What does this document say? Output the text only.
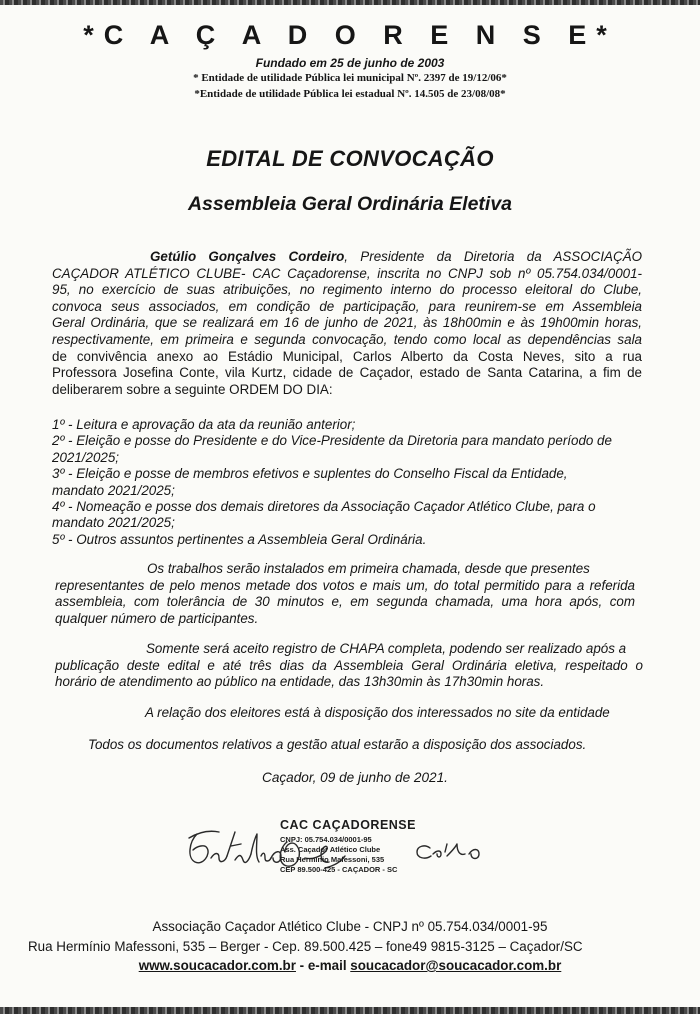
*C A Ç A D O R E N S E*
Fundado em 25 de junho de 2003
* Entidade de utilidade Pública lei municipal Nº. 2397 de 19/12/06*
*Entidade de utilidade Pública lei estadual Nº. 14.505 de 23/08/08*
EDITAL DE CONVOCAÇÃO
Assembleia Geral Ordinária Eletiva
Getúlio Gonçalves Cordeiro, Presidente da Diretoria da ASSOCIAÇÃO
CAÇADOR ATLÉTICO CLUBE- CAC Caçadorense, inscrita no CNPJ sob nº 05.754.034/0001-
95, no exercício de suas atribuições, no regimento interno do processo eleitoral do Clube,
convoca seus associados, em condição de participação, para reunirem-se em Assembleia
Geral Ordinária, que se realizará em 16 de junho de 2021, às 18h00min e às 19h00min horas,
respectivamente, em primeira e segunda convocação, tendo como local as dependências sala
de convivência anexo ao Estádio Municipal, Carlos Alberto da Costa Neves, sito a rua
Professora Josefina Conte, vila Kurtz, cidade de Caçador, estado de Santa Catarina, a fim de
deliberarem sobre a seguinte ORDEM DO DIA:
1º - Leitura e aprovação da ata da reunião anterior;
2º - Eleição e posse do Presidente e do Vice-Presidente da Diretoria para mandato período de
2021/2025;
3º - Eleição e posse de membros efetivos e suplentes do Conselho Fiscal da Entidade,
mandato 2021/2025;
4º - Nomeação e posse dos demais diretores da Associação Caçador Atlético Clube, para o
mandato 2021/2025;
5º - Outros assuntos pertinentes a Assembleia Geral Ordinária.
Os trabalhos serão instalados em primeira chamada, desde que presentes
representantes de pelo menos metade dos votos e mais um, do total permitido para a referida
assembleia, com tolerância de 30 minutos e, em segunda chamada, uma hora após, com
qualquer número de participantes.
Somente será aceito registro de CHAPA completa, podendo ser realizado após a
publicação deste edital e até três dias da Assembleia Geral Ordinária eletiva, respeitado o
horário de atendimento ao público na entidade, das 13h30min às 17h30min horas.
A relação dos eleitores está à disposição dos interessados no site da entidade
Todos os documentos relativos a gestão atual estarão a disposição dos associados.
Caçador, 09 de junho de 2021.
CAC CAÇADORENSE
CNPJ: 05.754.034/0001-95
Ass. Caçador Atlético Clube
Rua Hermínio Mafessoni, 535
CEP 89.500-425 - CAÇADOR - SC
Associação Caçador Atlético Clube - CNPJ nº 05.754.034/0001-95
Rua Hermínio Mafessoni, 535 – Berger - Cep. 89.500.425 – fone49 9815-3125 – Caçador/SC
www.soucacador.com.br - e-mail soucacador@soucacador.com.br
